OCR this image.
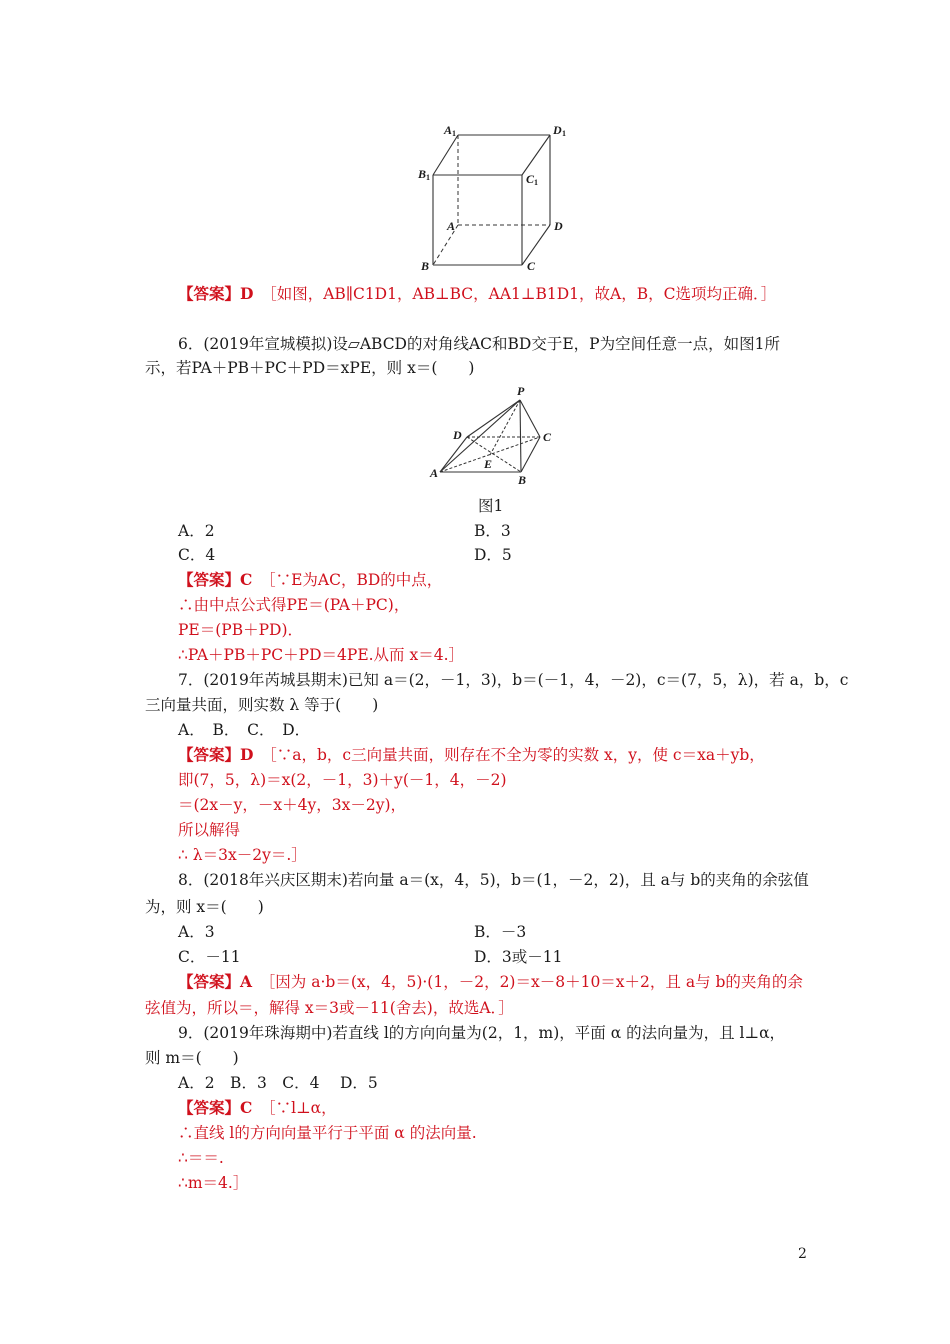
A 1	D 1
B 1	C 1
A	D
B	C
【答案】D　 ［如图，AB∥C1D1，AB⊥BC，AA1⊥B1D1，故A，B，C选项均正确．］
6．(2019年宣城模拟)设▱ABCD的对角线AC和BD交于E，P为空间任意一点，如图1所
示，若PA＋PB＋PC＋PD＝xPE，则 x＝(　　)
P
D	C
E
A	B
图1
A．2	B．3
C．4	D．5
【答案】C　 ［∵E为AC，BD的中点，
∴由中点公式得PE＝(PA＋PC)，
PE＝(PB＋PD)．
∴PA＋PB＋PC＋PD＝4PE.从而 x＝4.］
7．(2019年芮城县期末)已知 a＝(2，－1，3)，b＝(－1，4，－2)，c＝(7，5，λ)，若 a，b，c
三向量共面，则实数 λ 等于(　　)
A．　B．　C．　D．
【答案】D　 ［∵a，b，c三向量共面，则存在不全为零的实数 x，y，使 c＝xa＋yb，
即(7，5，λ)＝x(2，－1，3)＋y(－1，4，－2)
＝(2x－y，－x＋4y，3x－2y)，
所以解得
∴ λ＝3x－2y＝.］
8．(2018年兴庆区期末)若向量 a＝(x，4，5)，b＝(1，－2，2)，且 a与 b的夹角的余弦值
为，则 x＝(　　)
A．3	B．－3
C．－11	D．3或－11
【答案】A　 ［因为 a·b＝(x，4，5)·(1，－2，2)＝x－8＋10＝x＋2，且 a与 b的夹角的余
弦值为，所以＝，解得 x＝3或－11(舍去)，故选A．］
9．(2019年珠海期中)若直线 l的方向向量为(2，1，m)，平面 α 的法向量为，且 l⊥α，
则 m＝(　　)
A．2　B．3　C．4　 D．5
【答案】C　 ［∵l⊥α，
∴直线 l的方向向量平行于平面 α 的法向量.
∴＝＝.
∴m＝4.］
2
